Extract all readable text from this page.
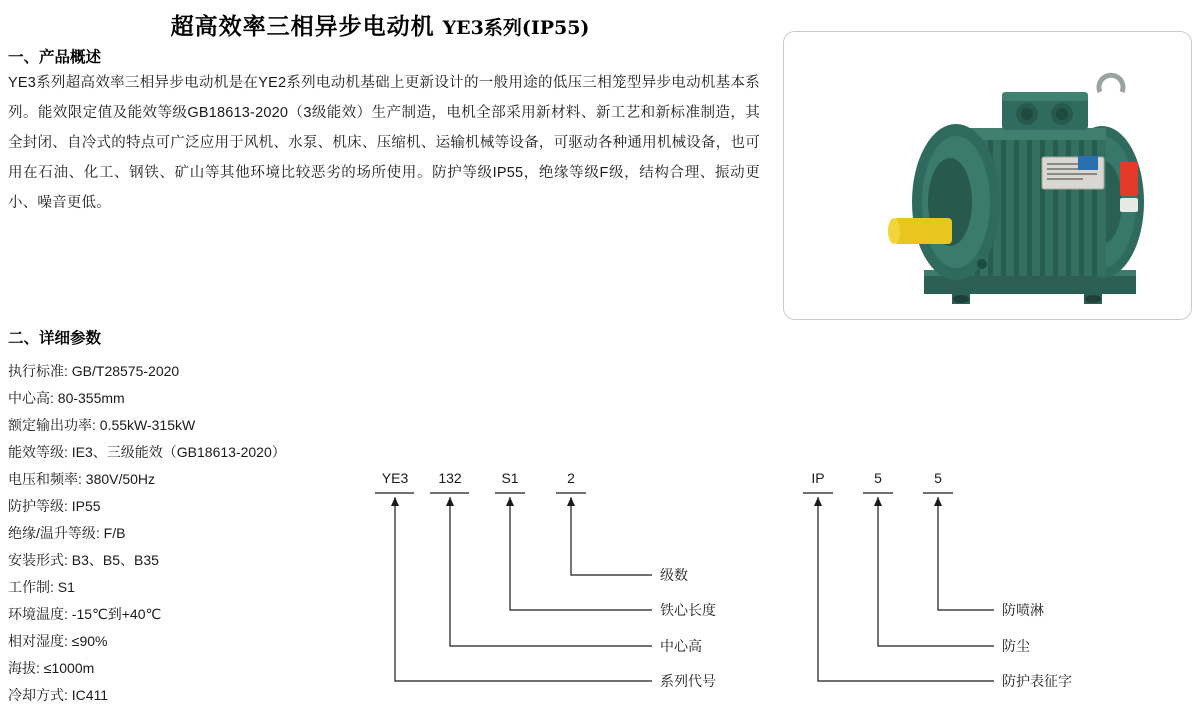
超高效率三相异步电动机 YE3系列(IP55)
一、产品概述
YE3系列超高效率三相异步电动机是在YE2系列电动机基础上更新设计的一般用途的低压三相笼型异步电动机基本系列。能效限定值及能效等级GB18613-2020（3级能效）生产制造，电机全部采用新材料、新工艺和新标准制造，其全封闭、自冷式的特点可广泛应用于风机、水泵、机床、压缩机、运输机械等设备，可驱动各种通用机械设备，也可用在石油、化工、钢铁、矿山等其他环境比较恶劣的场所使用。防护等级IP55，绝缘等级F级，结构合理、振动更小、噪音更低。
二、详细参数
执行标准: GB/T28575-2020
中心高: 80-355mm
额定输出功率: 0.55kW-315kW
能效等级: IE3、三级能效（GB18613-2020）
电压和频率: 380V/50Hz
防护等级: IP55
绝缘/温升等级: F/B
安装形式: B3、B5、B35
工作制: S1
环境温度: -15℃到+40℃
相对湿度: ≤90%
海拔: ≤1000m
冷却方式: IC411
YE3	132	S1	2	IP	5	5
级数
铁心长度
中心高
系列代号
防喷淋
防尘
防护表征字
